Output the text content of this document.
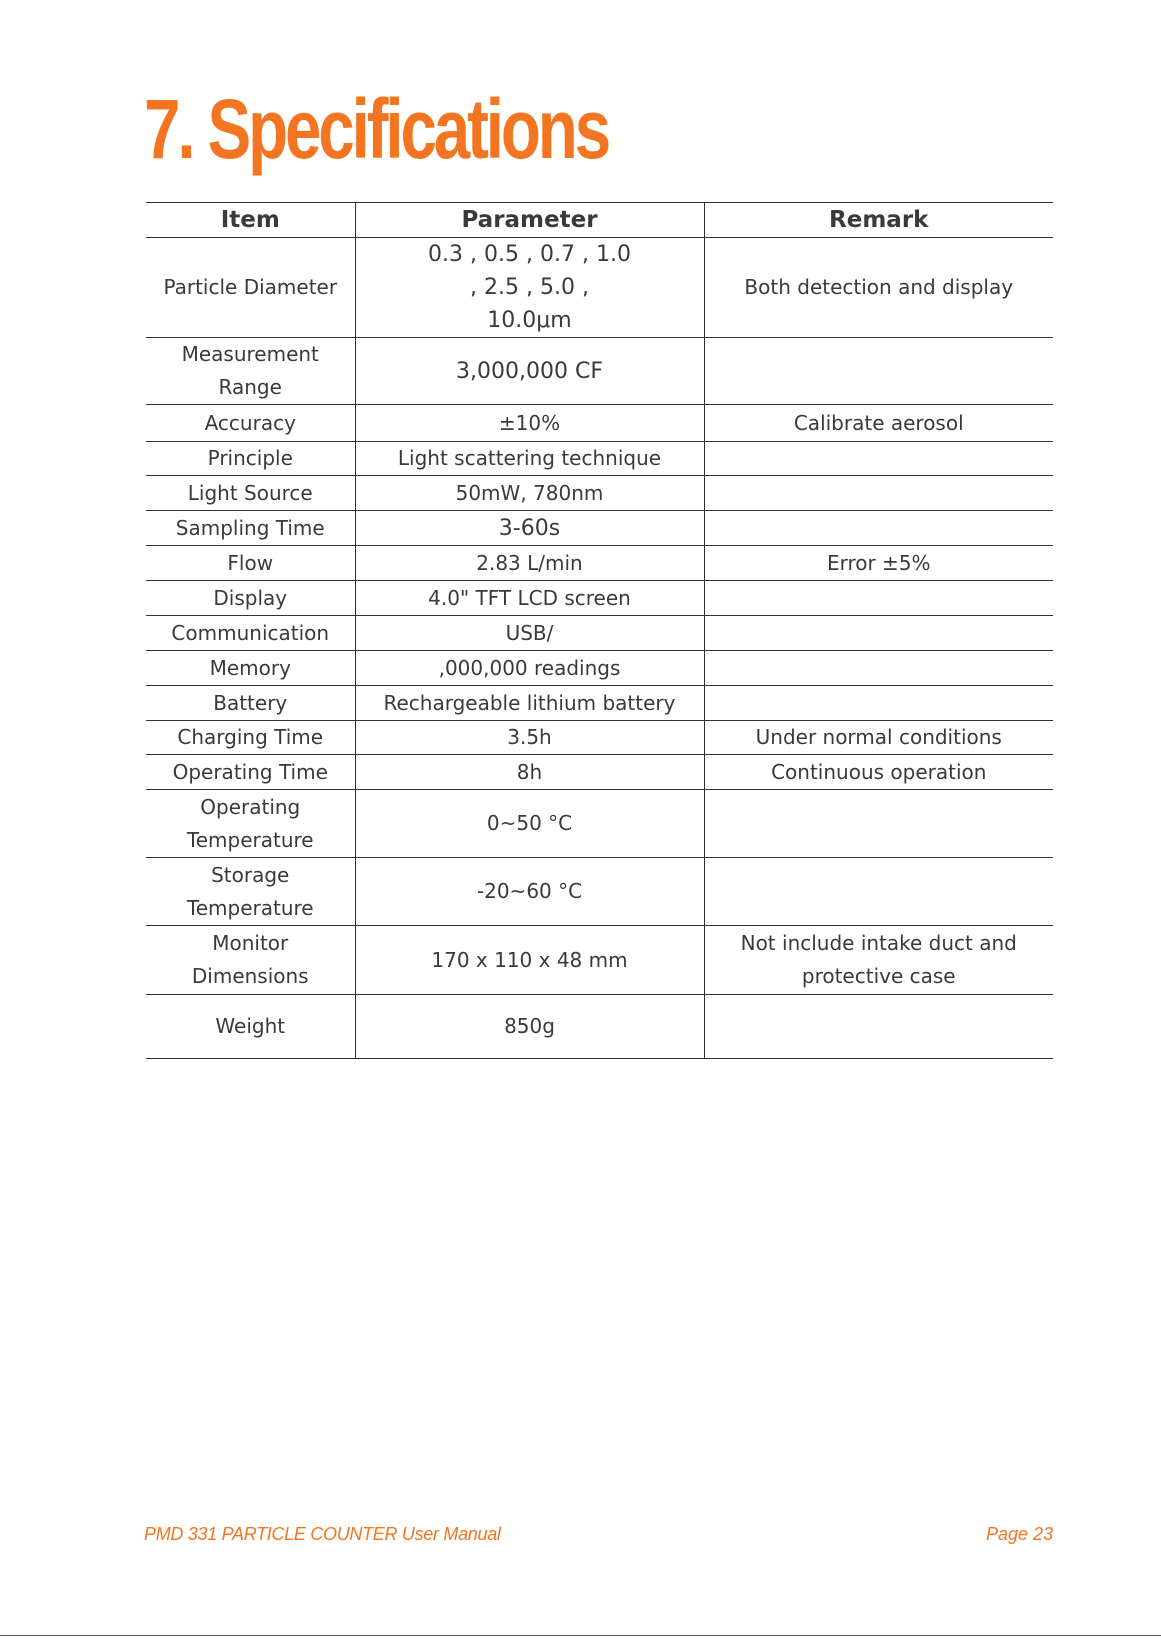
7. Specifications
Item	Parameter	Remark
Particle Diameter	0.3 , 0.5 , 0.7 , 1.0 , 2.5 , 5.0 , 10.0μm	Both detection and display
Measurement Range	3,000,000 CF	
Accuracy	±10%	Calibrate aerosol
Principle	Light scattering technique	
Light Source	50mW, 780nm	
Sampling Time	3-60s	
Flow	2.83 L/min	Error ±5%
Display	4.0" TFT LCD screen	
Communication	USB/	
Memory	,000,000 readings	
Battery	Rechargeable lithium battery	
Charging Time	3.5h	Under normal conditions
Operating Time	8h	Continuous operation
Operating Temperature	0~50 °C	
Storage Temperature	-20~60 °C	
Monitor Dimensions	170 x 110 x 48 mm	Not include intake duct and protective case
Weight	850g	
PMD 331 PARTICLE COUNTER User Manual	Page 23
